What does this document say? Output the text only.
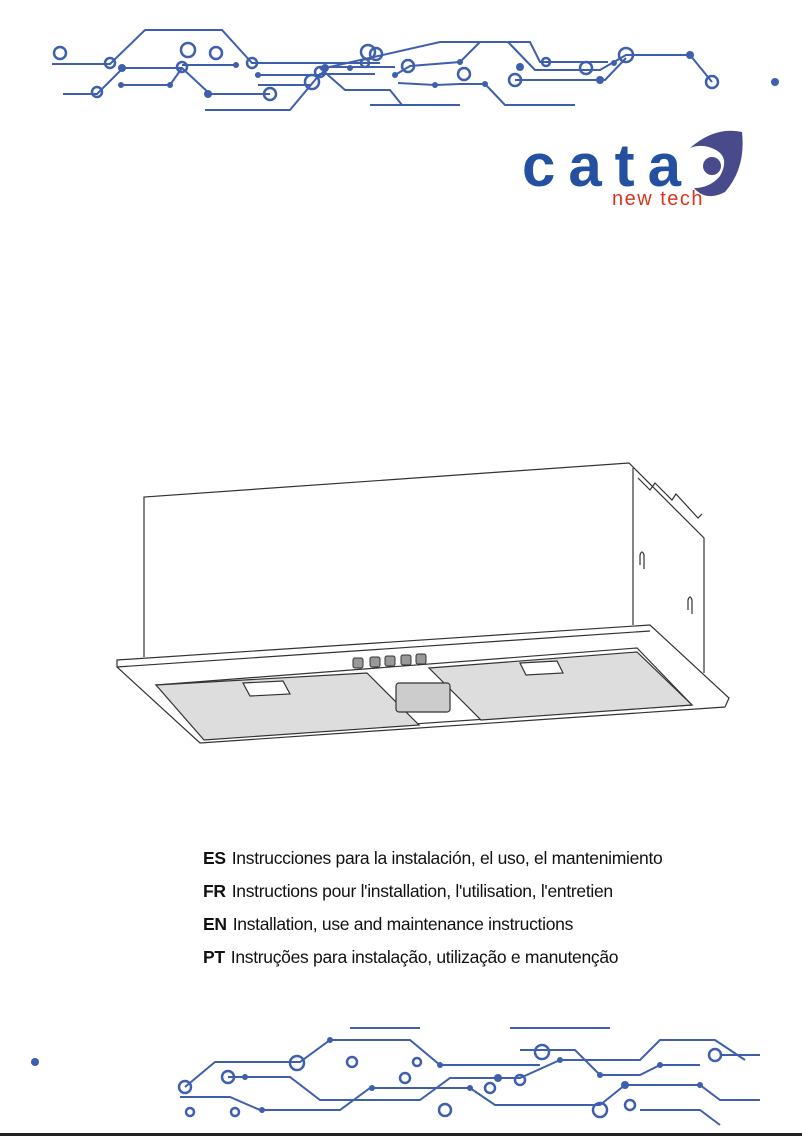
cata
new tech
ES Instrucciones para la instalación, el uso, el mantenimiento
FR Instructions pour l'installation, l'utilisation, l'entretien
EN Installation, use and maintenance instructions
PT Instruções para instalação, utilização e manutenção
